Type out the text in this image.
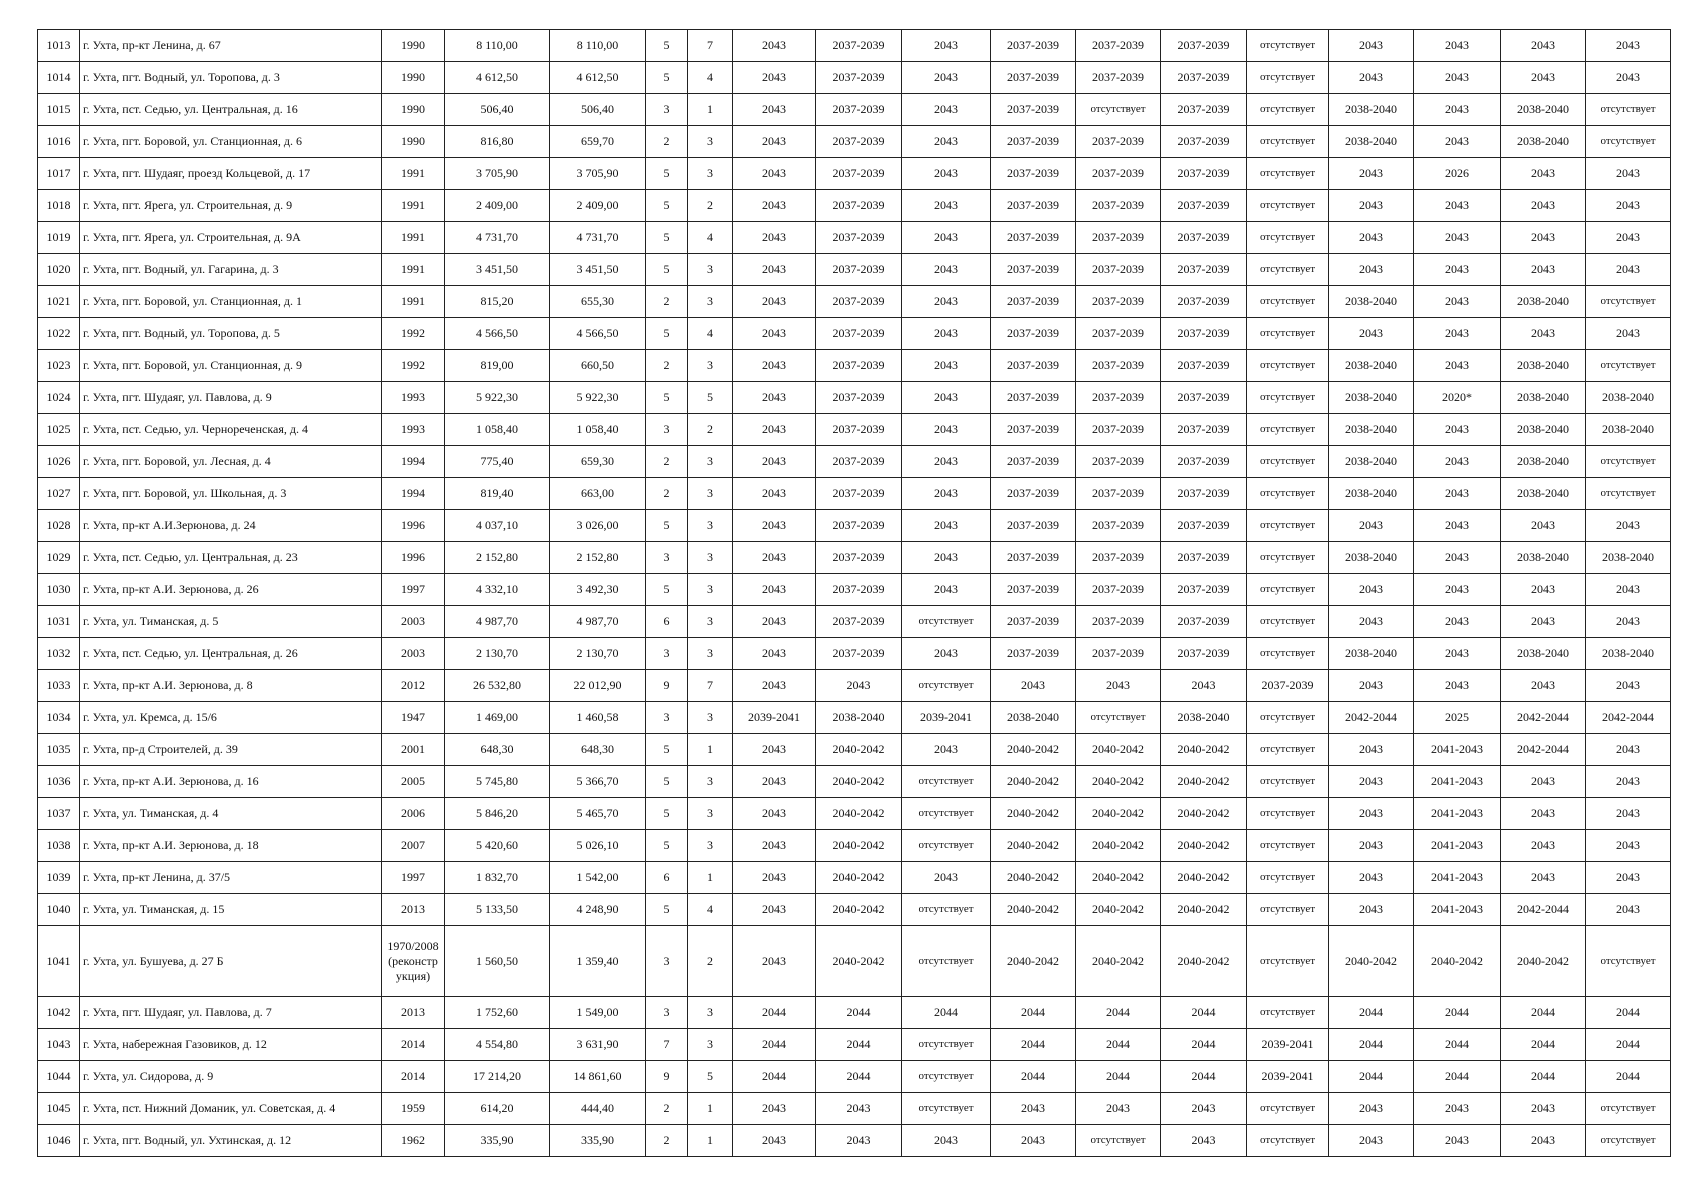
1013	г. Ухта, пр-кт Ленина, д. 67	1990	8 110,00	8 110,00	5	7	2043	2037-2039	2043	2037-2039	2037-2039	2037-2039	отсутствует	2043	2043	2043	2043
1014	г. Ухта, пгт. Водный, ул. Торопова, д. 3	1990	4 612,50	4 612,50	5	4	2043	2037-2039	2043	2037-2039	2037-2039	2037-2039	отсутствует	2043	2043	2043	2043
1015	г. Ухта, пст. Седью, ул. Центральная, д. 16	1990	506,40	506,40	3	1	2043	2037-2039	2043	2037-2039	отсутствует	2037-2039	отсутствует	2038-2040	2043	2038-2040	отсутствует
1016	г. Ухта, пгт. Боровой, ул. Станционная, д. 6	1990	816,80	659,70	2	3	2043	2037-2039	2043	2037-2039	2037-2039	2037-2039	отсутствует	2038-2040	2043	2038-2040	отсутствует
1017	г. Ухта, пгт. Шудаяг, проезд Кольцевой, д. 17	1991	3 705,90	3 705,90	5	3	2043	2037-2039	2043	2037-2039	2037-2039	2037-2039	отсутствует	2043	2026	2043	2043
1018	г. Ухта, пгт. Ярега, ул. Строительная, д. 9	1991	2 409,00	2 409,00	5	2	2043	2037-2039	2043	2037-2039	2037-2039	2037-2039	отсутствует	2043	2043	2043	2043
1019	г. Ухта, пгт. Ярега, ул. Строительная, д. 9А	1991	4 731,70	4 731,70	5	4	2043	2037-2039	2043	2037-2039	2037-2039	2037-2039	отсутствует	2043	2043	2043	2043
1020	г. Ухта, пгт. Водный, ул. Гагарина, д. 3	1991	3 451,50	3 451,50	5	3	2043	2037-2039	2043	2037-2039	2037-2039	2037-2039	отсутствует	2043	2043	2043	2043
1021	г. Ухта, пгт. Боровой, ул. Станционная, д. 1	1991	815,20	655,30	2	3	2043	2037-2039	2043	2037-2039	2037-2039	2037-2039	отсутствует	2038-2040	2043	2038-2040	отсутствует
1022	г. Ухта, пгт. Водный, ул. Торопова, д. 5	1992	4 566,50	4 566,50	5	4	2043	2037-2039	2043	2037-2039	2037-2039	2037-2039	отсутствует	2043	2043	2043	2043
1023	г. Ухта, пгт. Боровой, ул. Станционная, д. 9	1992	819,00	660,50	2	3	2043	2037-2039	2043	2037-2039	2037-2039	2037-2039	отсутствует	2038-2040	2043	2038-2040	отсутствует
1024	г. Ухта, пгт. Шудаяг, ул. Павлова, д. 9	1993	5 922,30	5 922,30	5	5	2043	2037-2039	2043	2037-2039	2037-2039	2037-2039	отсутствует	2038-2040	2020*	2038-2040	2038-2040
1025	г. Ухта, пст. Седью, ул. Чернореченская, д. 4	1993	1 058,40	1 058,40	3	2	2043	2037-2039	2043	2037-2039	2037-2039	2037-2039	отсутствует	2038-2040	2043	2038-2040	2038-2040
1026	г. Ухта, пгт. Боровой, ул. Лесная, д. 4	1994	775,40	659,30	2	3	2043	2037-2039	2043	2037-2039	2037-2039	2037-2039	отсутствует	2038-2040	2043	2038-2040	отсутствует
1027	г. Ухта, пгт. Боровой, ул. Школьная, д. 3	1994	819,40	663,00	2	3	2043	2037-2039	2043	2037-2039	2037-2039	2037-2039	отсутствует	2038-2040	2043	2038-2040	отсутствует
1028	г. Ухта, пр-кт А.И.Зерюнова, д. 24	1996	4 037,10	3 026,00	5	3	2043	2037-2039	2043	2037-2039	2037-2039	2037-2039	отсутствует	2043	2043	2043	2043
1029	г. Ухта, пст. Седью, ул. Центральная, д. 23	1996	2 152,80	2 152,80	3	3	2043	2037-2039	2043	2037-2039	2037-2039	2037-2039	отсутствует	2038-2040	2043	2038-2040	2038-2040
1030	г. Ухта, пр-кт А.И. Зерюнова, д. 26	1997	4 332,10	3 492,30	5	3	2043	2037-2039	2043	2037-2039	2037-2039	2037-2039	отсутствует	2043	2043	2043	2043
1031	г. Ухта, ул. Тиманская, д. 5	2003	4 987,70	4 987,70	6	3	2043	2037-2039	отсутствует	2037-2039	2037-2039	2037-2039	отсутствует	2043	2043	2043	2043
1032	г. Ухта, пст. Седью, ул. Центральная, д. 26	2003	2 130,70	2 130,70	3	3	2043	2037-2039	2043	2037-2039	2037-2039	2037-2039	отсутствует	2038-2040	2043	2038-2040	2038-2040
1033	г. Ухта, пр-кт А.И. Зерюнова, д. 8	2012	26 532,80	22 012,90	9	7	2043	2043	отсутствует	2043	2043	2043	2037-2039	2043	2043	2043	2043
1034	г. Ухта, ул. Кремса, д. 15/6	1947	1 469,00	1 460,58	3	3	2039-2041	2038-2040	2039-2041	2038-2040	отсутствует	2038-2040	отсутствует	2042-2044	2025	2042-2044	2042-2044
1035	г. Ухта, пр-д Строителей, д. 39	2001	648,30	648,30	5	1	2043	2040-2042	2043	2040-2042	2040-2042	2040-2042	отсутствует	2043	2041-2043	2042-2044	2043
1036	г. Ухта, пр-кт А.И. Зерюнова, д. 16	2005	5 745,80	5 366,70	5	3	2043	2040-2042	отсутствует	2040-2042	2040-2042	2040-2042	отсутствует	2043	2041-2043	2043	2043
1037	г. Ухта, ул. Тиманская, д. 4	2006	5 846,20	5 465,70	5	3	2043	2040-2042	отсутствует	2040-2042	2040-2042	2040-2042	отсутствует	2043	2041-2043	2043	2043
1038	г. Ухта, пр-кт А.И. Зерюнова, д. 18	2007	5 420,60	5 026,10	5	3	2043	2040-2042	отсутствует	2040-2042	2040-2042	2040-2042	отсутствует	2043	2041-2043	2043	2043
1039	г. Ухта, пр-кт Ленина, д. 37/5	1997	1 832,70	1 542,00	6	1	2043	2040-2042	2043	2040-2042	2040-2042	2040-2042	отсутствует	2043	2041-2043	2043	2043
1040	г. Ухта, ул. Тиманская, д. 15	2013	5 133,50	4 248,90	5	4	2043	2040-2042	отсутствует	2040-2042	2040-2042	2040-2042	отсутствует	2043	2041-2043	2042-2044	2043
1041	г. Ухта, ул. Бушуева, д. 27 Б	1970/2008
(реконстр
укция)	1 560,50	1 359,40	3	2	2043	2040-2042	отсутствует	2040-2042	2040-2042	2040-2042	отсутствует	2040-2042	2040-2042	2040-2042	отсутствует
1042	г. Ухта, пгт. Шудаяг, ул. Павлова, д. 7	2013	1 752,60	1 549,00	3	3	2044	2044	2044	2044	2044	2044	отсутствует	2044	2044	2044	2044
1043	г. Ухта, набережная Газовиков, д. 12	2014	4 554,80	3 631,90	7	3	2044	2044	отсутствует	2044	2044	2044	2039-2041	2044	2044	2044	2044
1044	г. Ухта, ул. Сидорова, д. 9	2014	17 214,20	14 861,60	9	5	2044	2044	отсутствует	2044	2044	2044	2039-2041	2044	2044	2044	2044
1045	г. Ухта, пст. Нижний Доманик, ул. Советская, д. 4	1959	614,20	444,40	2	1	2043	2043	отсутствует	2043	2043	2043	отсутствует	2043	2043	2043	отсутствует
1046	г. Ухта, пгт. Водный, ул. Ухтинская, д. 12	1962	335,90	335,90	2	1	2043	2043	2043	2043	отсутствует	2043	отсутствует	2043	2043	2043	отсутствует
